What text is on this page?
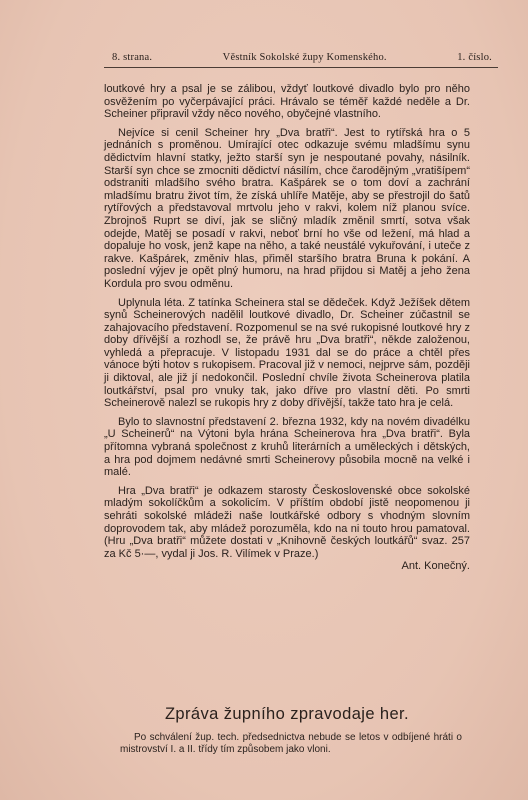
8. strana.	Věstník Sokolské župy Komenského.	1. číslo.

loutkové hry a psal je se zálibou, vždyť loutkové divadlo bylo pro něho osvěžením po vyčerpávající práci. Hrávalo se téměř každé neděle a Dr. Scheiner připravil vždy něco nového, obyčejné vlastního.

Nejvíce si cenil Scheiner hry „Dva bratři“. Jest to rytířská hra o 5 jednáních s proměnou. Umírající otec odkazuje svému mladšímu synu dědictvím hlavní statky, ježto starší syn je nespoutané povahy, násilník. Starší syn chce se zmocniti dědictví násilím, chce čarodějným „vratišípem“ odstraniti mladšího svého bratra. Kašpárek se o tom doví a zachrání mladšímu bratru život tím, že získá uhlíře Matěje, aby se přestrojil do šatů rytířových a představoval mrtvolu jeho v rakvi, kolem níž planou svíce. Zbrojnoš Ruprt se diví, jak se sličný mladík změnil smrtí, sotva však odejde, Matěj se posadí v rakvi, neboť brní ho vše od ležení, má hlad a dopaluje ho vosk, jenž kape na něho, a také neustálé vykuřování, i uteče z rakve. Kašpárek, změniv hlas, přiměl staršího bratra Bruna k pokání. A poslední výjev je opět plný humoru, na hrad přijdou si Matěj a jeho žena Kordula pro svou odměnu.

Uplynula léta. Z tatínka Scheinera stal se dědeček. Když Ježíšek dětem synů Scheinerových nadělil loutkové divadlo, Dr. Scheiner zúčastnil se zahajovacího představení. Rozpomenul se na své rukopisné loutkové hry z doby dřívější a rozhodl se, že právě hru „Dva bratři“, někde založenou, vyhledá a přepracuje. V listopadu 1931 dal se do práce a chtěl přes vánoce býti hotov s rukopisem. Pracoval již v nemoci, nejprve sám, později ji diktoval, ale již jí nedokončil. Poslední chvíle života Scheinerova platila loutkářství, psal pro vnuky tak, jako dříve pro vlastní děti. Po smrti Scheinerově nalezl se rukopis hry z doby dřívější, takže tato hra je celá.

Bylo to slavnostní představení 2. března 1932, kdy na novém divadélku „U Scheinerů“ na Výtoni byla hrána Scheinerova hra „Dva bratři“. Byla přítomna vybraná společnost z kruhů literárních a uměleckých i dětských, a hra pod dojmem nedávné smrti Scheinerovy působila mocně na velké i malé.

Hra „Dva bratři“ je odkazem starosty Československé obce sokolské mladým sokolíčkům a sokolicím. V příštím období jistě neopomenou ji sehráti sokolské mládeži naše loutkářské odbory s vhodným slovním doprovodem tak, aby mládež porozuměla, kdo na ni touto hrou pamatoval. (Hru „Dva bratři“ můžete dostati v „Knihovně českých loutkářů“ svaz. 257 za Kč 5·—, vydal ji Jos. R. Vilímek v Praze.)
Ant. Konečný.

Zpráva župního zpravodaje her.
Po schválení žup. tech. předsednictva nebude se letos v odbíjené hráti o mistrovství I. a II. třídy tím způsobem jako vloni.
